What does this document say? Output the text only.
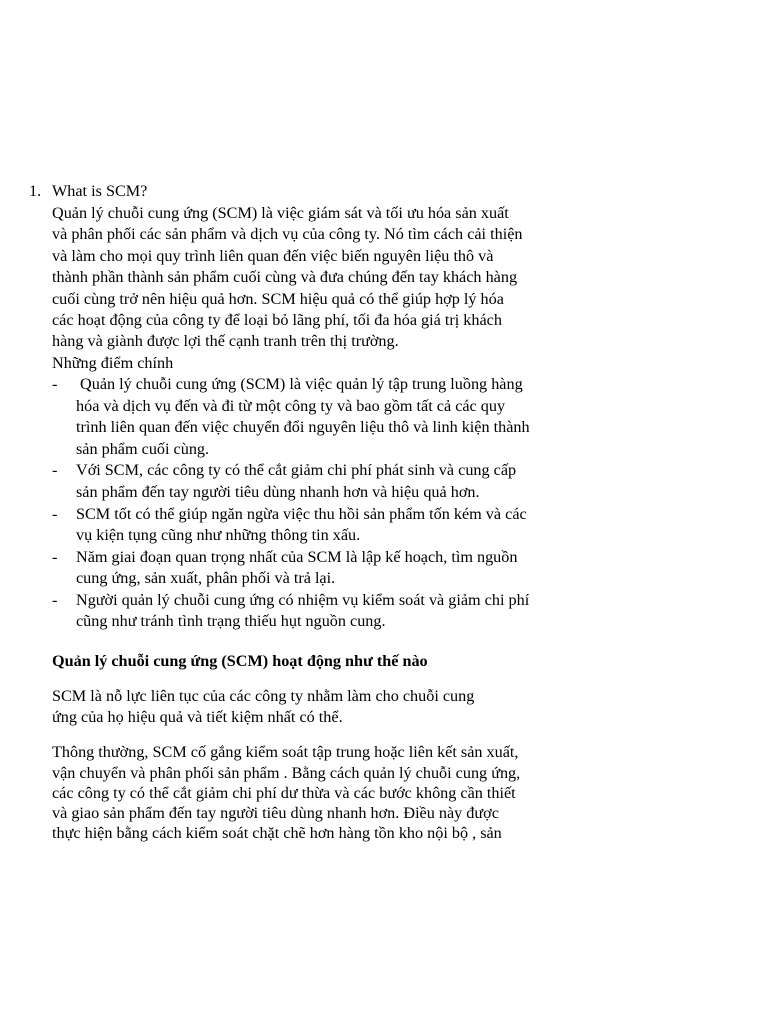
1. What is SCM?
Quản lý chuỗi cung ứng (SCM) là việc giám sát và tối ưu hóa sản xuất
và phân phối các sản phẩm và dịch vụ của công ty. Nó tìm cách cải thiện
và làm cho mọi quy trình liên quan đến việc biến nguyên liệu thô và
thành phần thành sản phẩm cuối cùng và đưa chúng đến tay khách hàng
cuối cùng trở nên hiệu quả hơn. SCM hiệu quả có thể giúp hợp lý hóa
các hoạt động của công ty để loại bỏ lãng phí, tối đa hóa giá trị khách
hàng và giành được lợi thế cạnh tranh trên thị trường.
Những điểm chính
- Quản lý chuỗi cung ứng (SCM) là việc quản lý tập trung luồng hàng
hóa và dịch vụ đến và đi từ một công ty và bao gồm tất cả các quy
trình liên quan đến việc chuyển đổi nguyên liệu thô và linh kiện thành
sản phẩm cuối cùng.
- Với SCM, các công ty có thể cắt giảm chi phí phát sinh và cung cấp
sản phẩm đến tay người tiêu dùng nhanh hơn và hiệu quả hơn.
- SCM tốt có thể giúp ngăn ngừa việc thu hồi sản phẩm tốn kém và các
vụ kiện tụng cũng như những thông tin xấu.
- Năm giai đoạn quan trọng nhất của SCM là lập kế hoạch, tìm nguồn
cung ứng, sản xuất, phân phối và trả lại.
- Người quản lý chuỗi cung ứng có nhiệm vụ kiểm soát và giảm chi phí
cũng như tránh tình trạng thiếu hụt nguồn cung.
Quản lý chuỗi cung ứng (SCM) hoạt động như thế nào
SCM là nỗ lực liên tục của các công ty nhằm làm cho chuỗi cung
ứng của họ hiệu quả và tiết kiệm nhất có thể.
Thông thường, SCM cố gắng kiểm soát tập trung hoặc liên kết sản xuất,
vận chuyển và phân phối sản phẩm . Bằng cách quản lý chuỗi cung ứng,
các công ty có thể cắt giảm chi phí dư thừa và các bước không cần thiết
và giao sản phẩm đến tay người tiêu dùng nhanh hơn. Điều này được
thực hiện bằng cách kiểm soát chặt chẽ hơn hàng tồn kho nội bộ , sản
